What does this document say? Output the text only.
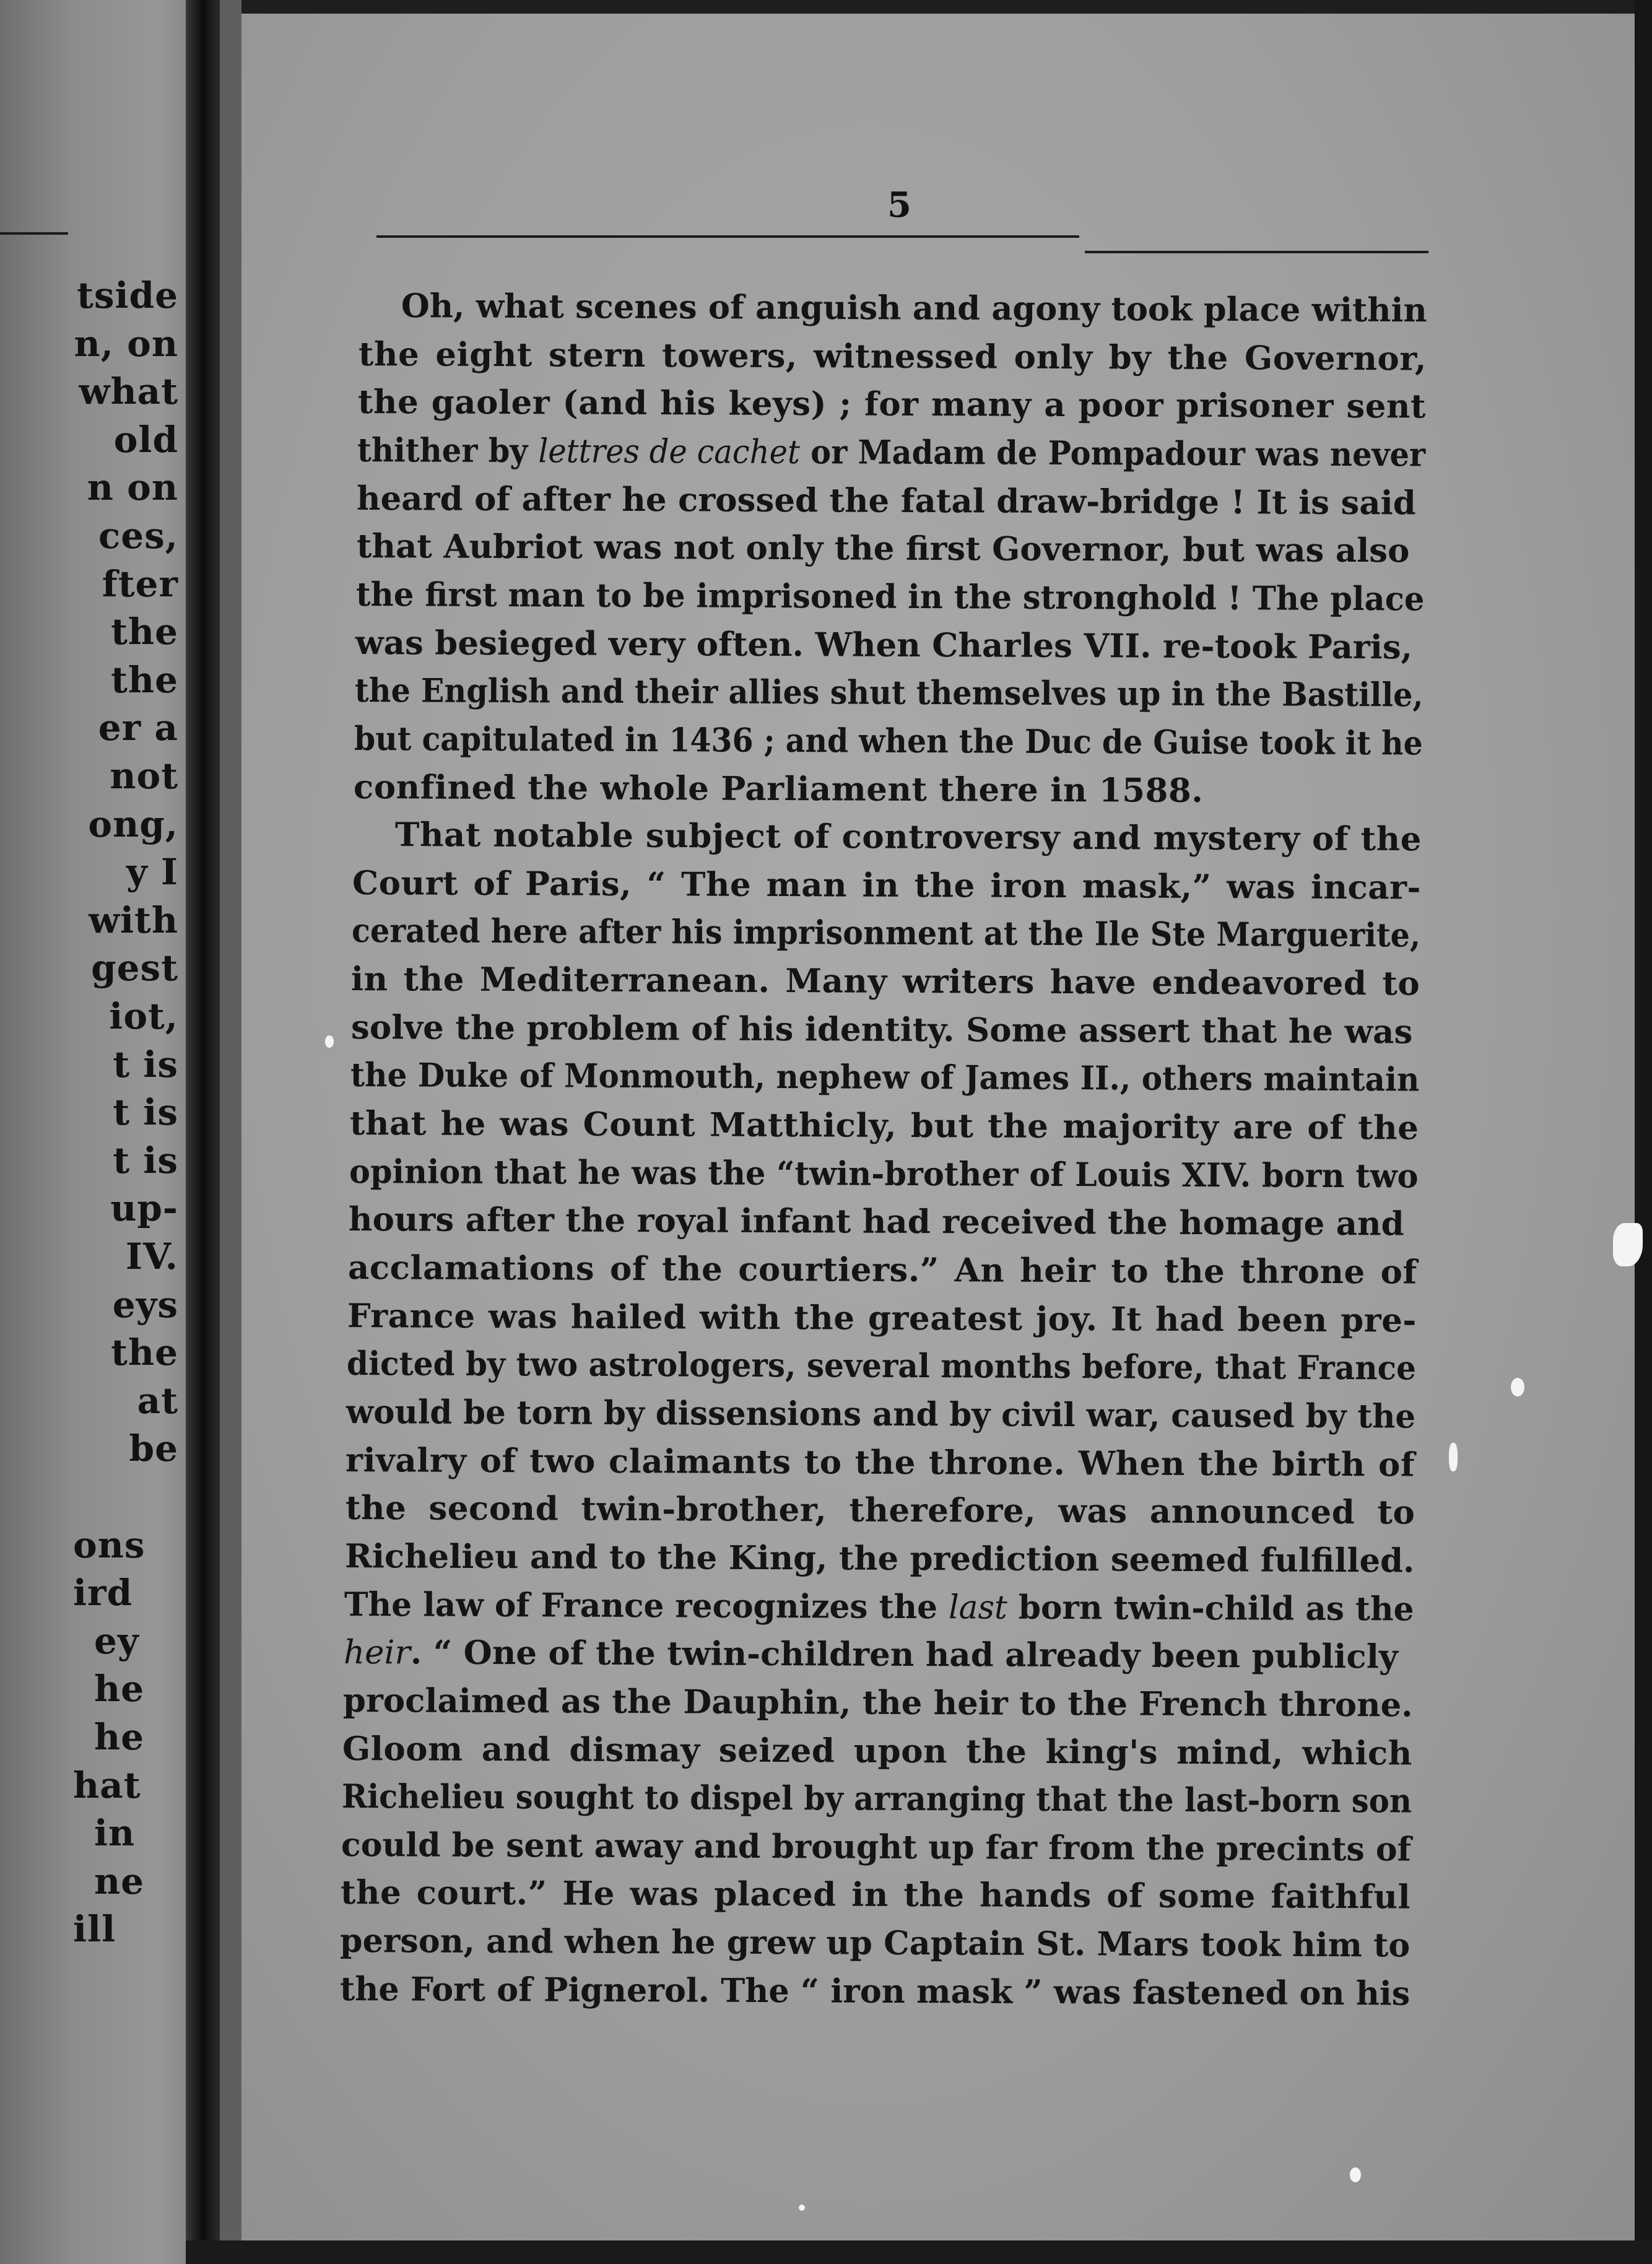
tside
n, on
what
old
n on
ces,
fter
the
the
er a
not
ong,
y I
with
gest
iot,
t is
t is
t is
up-
IV.
eys
the
at
be
ons
ird
ey
he
he
hat
in
ne
ill
5
Oh, what scenes of anguish and agony took place within
the eight stern towers, witnessed only by the Governor,
the gaoler (and his keys) ; for many a poor prisoner sent
thither by lettres de cachet or Madam de Pompadour was never
heard of after he crossed the fatal draw-bridge ! It is said
that Aubriot was not only the first Governor, but was also
the first man to be imprisoned in the stronghold ! The place
was besieged very often. When Charles VII. re-took Paris,
the English and their allies shut themselves up in the Bastille,
but capitulated in 1436 ; and when the Duc de Guise took it he
confined the whole Parliament there in 1588.
That notable subject of controversy and mystery of the
Court of Paris, “ The man in the iron mask,” was incar-
cerated here after his imprisonment at the Ile Ste Marguerite,
in the Mediterranean. Many writers have endeavored to
solve the problem of his identity. Some assert that he was
the Duke of Monmouth, nephew of James II., others maintain
that he was Count Matthicly, but the majority are of the
opinion that he was the “twin-brother of Louis XIV. born two
hours after the royal infant had received the homage and
acclamations of the courtiers.” An heir to the throne of
France was hailed with the greatest joy. It had been pre-
dicted by two astrologers, several months before, that France
would be torn by dissensions and by civil war, caused by the
rivalry of two claimants to the throne. When the birth of
the second twin-brother, therefore, was announced to
Richelieu and to the King, the prediction seemed fulfilled.
The law of France recognizes the last born twin-child as the
heir. “ One of the twin-children had already been publicly
proclaimed as the Dauphin, the heir to the French throne.
Gloom and dismay seized upon the king's mind, which
Richelieu sought to dispel by arranging that the last-born son
could be sent away and brought up far from the precints of
the court.” He was placed in the hands of some faithful
person, and when he grew up Captain St. Mars took him to
the Fort of Pignerol. The “ iron mask ” was fastened on his
